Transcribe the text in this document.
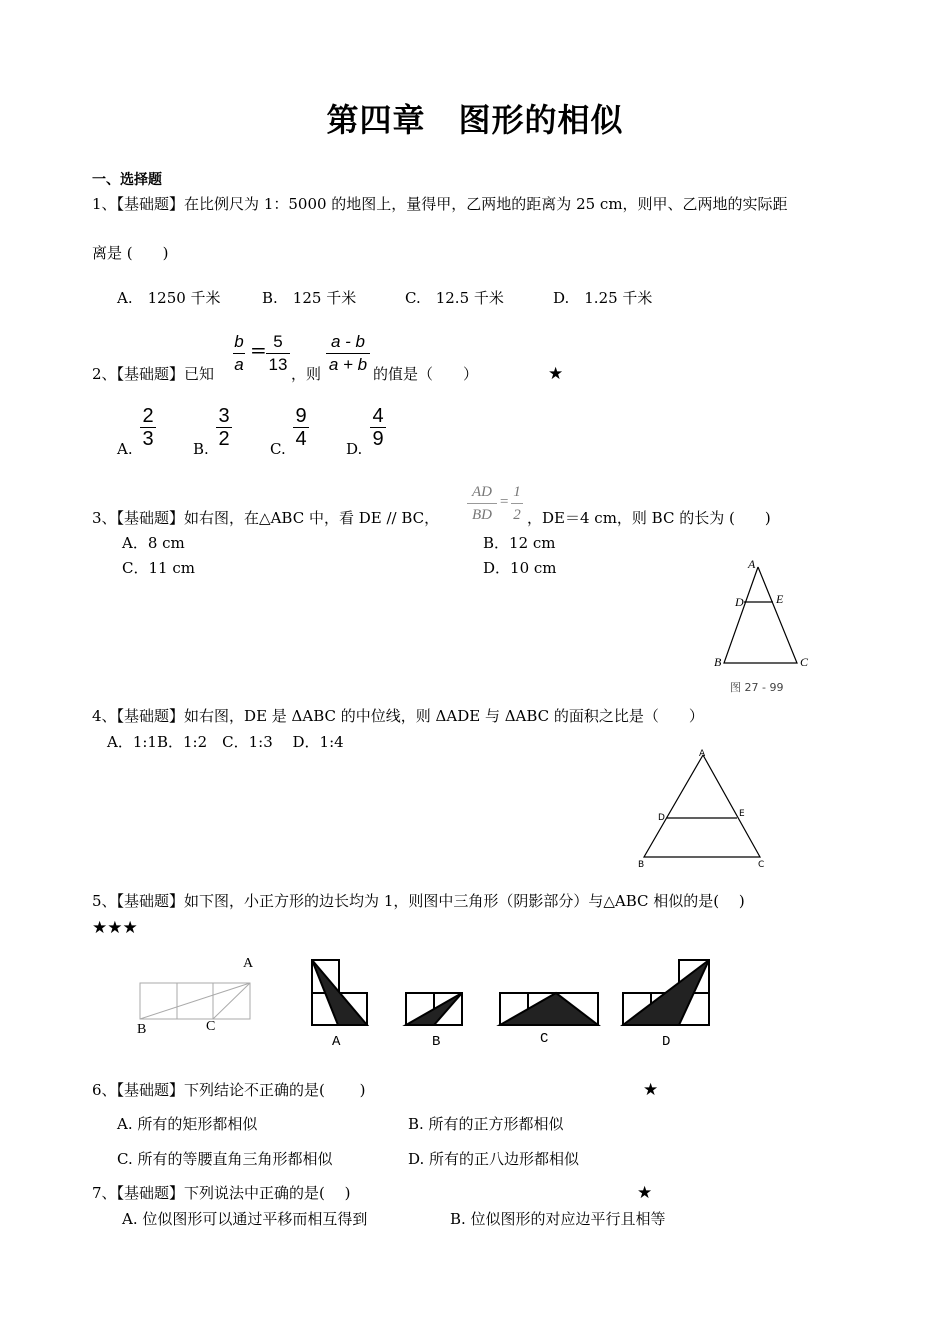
第四章　图形的相似
一、选择题
1、【基础题】在比例尺为 1：5000 的地图上，量得甲，乙两地的距离为 25 cm，则甲、乙两地的实际距
离是 (　　)
A.　1250 千米	B.　125 千米	C.　12.5 千米	D.　1.25 千米
2、【基础题】已知 $\frac{b}{a} = \frac{5}{13}$ ，则 $\frac{a - b}{a + b}$ 的值是（　　）	★
A. $\frac{2}{3} B$. $\frac{3}{2}$	C. $\frac{9}{4} D$. $\frac{4}{9}$
3、【基础题】如右图，在△ABC 中，看 DE // BC， $\frac{AD}{BD} = \frac{1}{2}$ ，DE＝4 cm，则 BC 的长为 (　　)
A．8 cm	B．12 cm
C．11 cm	D．10 cm	A
D	E
B	C
图 27 - 99
4、【基础题】如右图，DE 是 ΔABC 的中位线，则 ΔADE 与 ΔABC 的面积之比是（　　）
A．1:1B．1:2　C．1:3　 D．1:4
A
D	E
B	C
5、【基础题】如下图，小正方形的边长均为 1，则图中三角形（阴影部分）与△ABC 相似的是(　 )
★★★
A
B	C
A	B	C	D
6、【基础题】下列结论不正确的是(　　 )	★
A. 所有的矩形都相似	B. 所有的正方形都相似
C. 所有的等腰直角三角形都相似	D. 所有的正八边形都相似
7、【基础题】下列说法中正确的是(　 )	★
A. 位似图形可以通过平移而相互得到	B. 位似图形的对应边平行且相等
